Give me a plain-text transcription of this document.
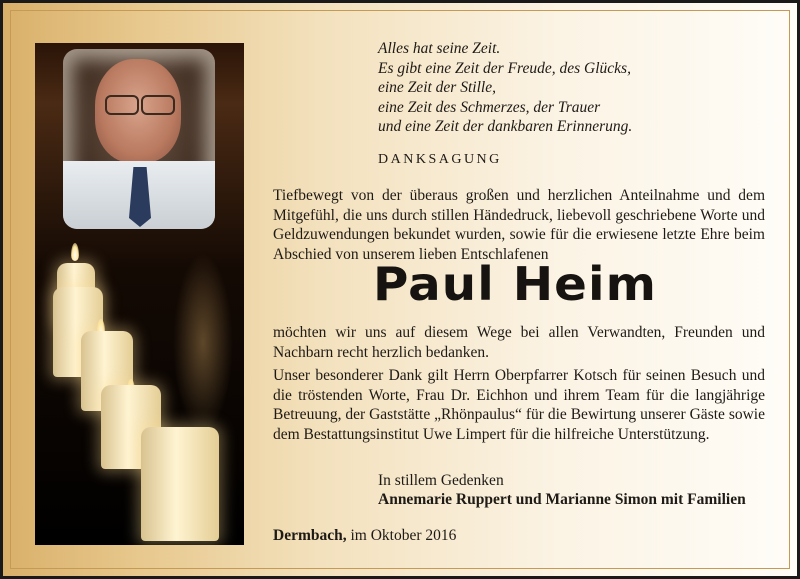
Alles hat seine Zeit.
Es gibt eine Zeit der Freude, des Glücks,
eine Zeit der Stille,
eine Zeit des Schmerzes, der Trauer
und eine Zeit der dankbaren Erinnerung.
DANKSAGUNG
Tiefbewegt von der überaus großen und herzlichen Anteilnahme und dem Mitgefühl, die uns durch stillen Händedruck, liebevoll geschriebene Worte und Geldzuwendungen bekundet wurden, sowie für die erwiesene letzte Ehre beim Abschied von unserem lieben Entschlafenen
Paul Heim
möchten wir uns auf diesem Wege bei allen Verwandten, Freunden und Nachbarn recht herzlich bedanken.
Unser besonderer Dank gilt Herrn Oberpfarrer Kotsch für seinen Besuch und die tröstenden Worte, Frau Dr. Eichhon und ihrem Team für die langjährige Betreuung, der Gaststätte „Rhönpaulus“ für die Bewirtung unserer Gäste sowie dem Bestattungsinstitut Uwe Limpert für die hilfreiche Unterstützung.
In stillem Gedenken
Annemarie Ruppert und Marianne Simon mit Familien
Dermbach, im Oktober 2016
